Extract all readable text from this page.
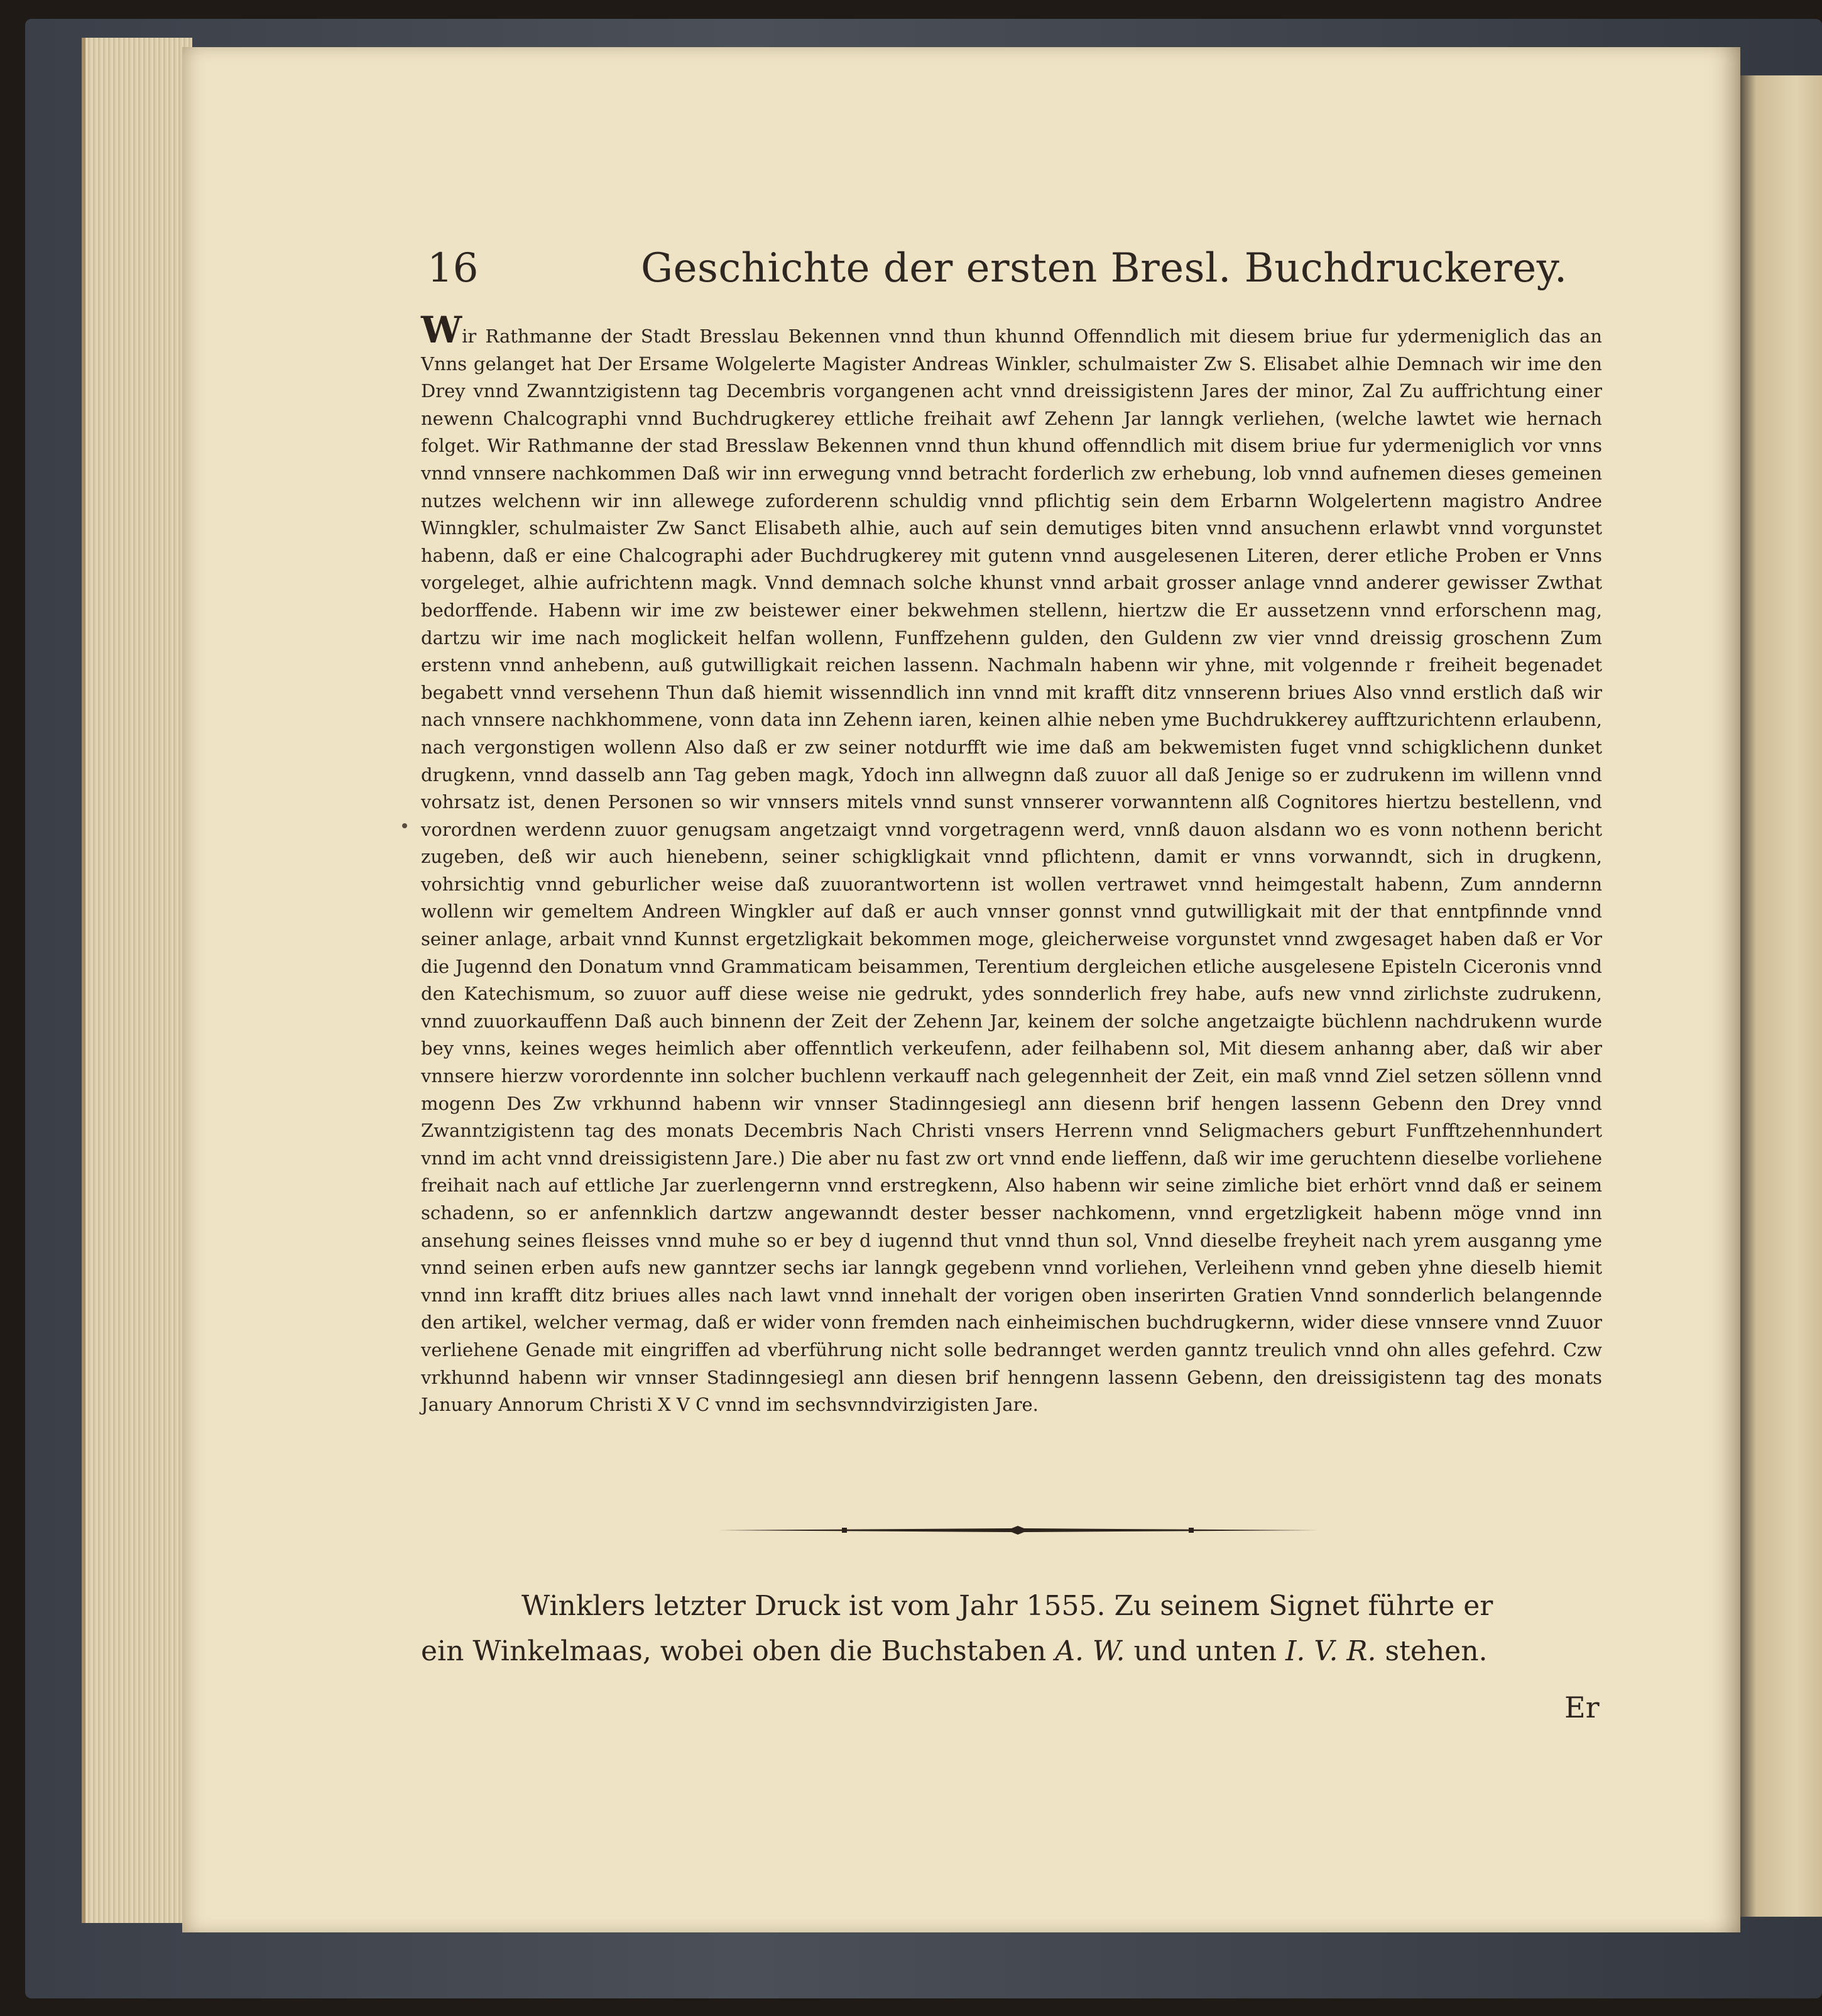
16	Geschichte der ersten Bresl. Buchdruckerey.

Wir Rathmanne der Stadt Bresslau Bekennen vnnd thun khunnd Offenndlich mit diesem briue fur ydermeniglich das an Vnns gelanget hat Der Ersame Wolgelerte Magister Andreas Winkler, schulmaister Zw S. Elisabet alhie Demnach wir ime den Drey vnnd Zwanntzigistenn tag Decembris vorgangenen acht vnnd dreissigistenn Jares der minor, Zal Zu auffrichtung einer newenn Chalcographi vnnd Buchdrugkerey ettliche freihait awf Zehenn Jar lanngk verliehen, (welche lawtet wie hernach folget. Wir Rathmanne der stad Bresslaw Bekennen vnnd thun khund offenndlich mit disem briue fur ydermeniglich vor vnns vnnd vnnsere nachkommen Daß wir inn erwegung vnnd betracht forderlich zw erhebung, lob vnnd aufnemen dieses gemeinen nutzes welchenn wir inn allewege zuforderenn schuldig vnnd pflichtig sein dem Erbarnn Wolgelertenn magistro Andree Winngkler, schulmaister Zw Sanct Elisabeth alhie, auch auf sein demutiges biten vnnd ansuchenn erlawbt vnnd vorgunstet habenn, daß er eine Chalcographi ader Buchdrugkerey mit gutenn vnnd ausgelesenen Literen, derer etliche Proben er Vnns vorgeleget, alhie aufrichtenn magk. Vnnd demnach solche khunst vnnd arbait grosser anlage vnnd anderer gewisser Zwthat bedorffende. Habenn wir ime zw beistewer einer bekwehmen stellenn, hiertzw die Er aussetzenn vnnd erforschenn mag, dartzu wir ime nach moglickeit helfan wollenn, Funffzehenn gulden, den Guldenn zw vier vnnd dreissig groschenn Zum erstenn vnnd anhebenn, auß gutwilligkait reichen lassenn. Nachmaln habenn wir yhne, mit volgenndeｒ freiheit begenadet begabett vnnd versehenn Thun daß hiemit wissenndlich inn vnnd mit krafft ditz vnnserenn briues Also vnnd erstlich daß wir nach vnnsere nachkhommene, vonn data inn Zehenn iaren, keinen alhie neben yme Buchdrukkerey aufftzurichtenn erlaubenn, nach vergonstigen wollenn Also daß er zw seiner notdurfft wie ime daß am bekwemisten fuget vnnd schigklichenn dunket drugkenn, vnnd dasselb ann Tag geben magk, Ydoch inn allwegnn daß zuuor all daß Jenige so er zudrukenn im willenn vnnd vohrsatz ist, denen Personen so wir vnnsers mitels vnnd sunst vnnserer vorwanntenn alß Cognitores hiertzu bestellenn, vnd vorordnen werdenn zuuor genugsam angetzaigt vnnd vorgetragenn werd, vnnß dauon alsdann wo es vonn nothenn bericht zugeben, deß wir auch hienebenn, seiner schigkligkait vnnd pflichtenn, damit er vnns vorwanndt, sich in drugkenn, vohrsichtig vnnd geburlicher weise daß zuuorantwortenn ist wollen vertrawet vnnd heimgestalt habenn, Zum anndernn wollenn wir gemeltem Andreen Wingkler auf daß er auch vnnser gonnst vnnd gutwilligkait mit der that enntpfinnde vnnd seiner anlage, arbait vnnd Kunnst ergetzligkait bekommen moge, gleicherweise vorgunstet vnnd zwgesaget haben daß er Vor die Jugennd den Donatum vnnd Grammaticam beisammen, Terentium dergleichen etliche ausgelesene Episteln Ciceronis vnnd den Katechismum, so zuuor auff diese weise nie gedrukt, ydes sonnderlich frey habe, aufs new vnnd zirlichste zudrukenn, vnnd zuuorkauffenn Daß auch binnenn der Zeit der Zehenn Jar, keinem der solche angetzaigte büchlenn nachdrukenn wurde bey vnns, keines weges heimlich aber offenntlich verkeufenn, ader feilhabenn sol, Mit diesem anhanng aber, daß wir aber vnnsere hierzw vorordenntе inn solcher buchlenn verkauff nach gelegennheit der Zeit, ein maß vnnd Ziel setzen söllenn vnnd mogenn Des Zw vrkhunnd habenn wir vnnser Stadinngesiegl ann diesenn brif hengen lassenn Gebenn den Drey vnnd Zwanntzigistenn tag des monats Decembris Nach Christi vnsers Herrenn vnnd Seligmachers geburt Funfftzehennhundert vnnd im acht vnnd dreissigistenn Jare.) Die aber nu fast zw ort vnnd ende lieffenn, daß wir ime geruchtenn dieselbe vorliehene freihait nach auf ettliche Jar zuerlengernn vnnd erstregkenn, Also habenn wir seine zimliche biet erhört vnnd daß er seinem schadenn, so er anfennklich dartzw angewanndt dester besser nachkomenn, vnnd ergetzligkeit habenn möge vnnd inn ansehung seines fleisses vnnd muhe so er bey d iugennd thut vnnd thun sol, Vnnd dieselbe freyheit nach yrem ausganng yme vnnd seinen erben aufs new ganntzer sechs iar lanngk gegebenn vnnd vorliehen, Verleihenn vnnd geben yhne dieselb hiemit vnnd inn krafft ditz briues alles nach lawt vnnd innehalt der vorigen oben inserirten Gratien Vnnd sonnderlich belangennde den artikel, welcher vermag, daß er wider vonn fremden nach einheimischen buchdrugkernn, wider diese vnnsere vnnd Zuuor verliehene Genade mit eingriffen ad vberführung nicht solle bedrannget werden ganntz treulich vnnd ohn alles gefehrd. Czw vrkhunnd habenn wir vnnser Stadinngesiegl ann diesen brif henngenn lassenn Gebenn, den dreissigistenn tag des monats January Annorum Christi X V C vnnd im sechsvnndvirzigisten Jare.

Winklers letzter Druck ist vom Jahr 1555. Zu seinem Signet führte er
ein Winkelmaas, wobei oben die Buchstaben A. W. und unten I. V. R. stehen.

Er
